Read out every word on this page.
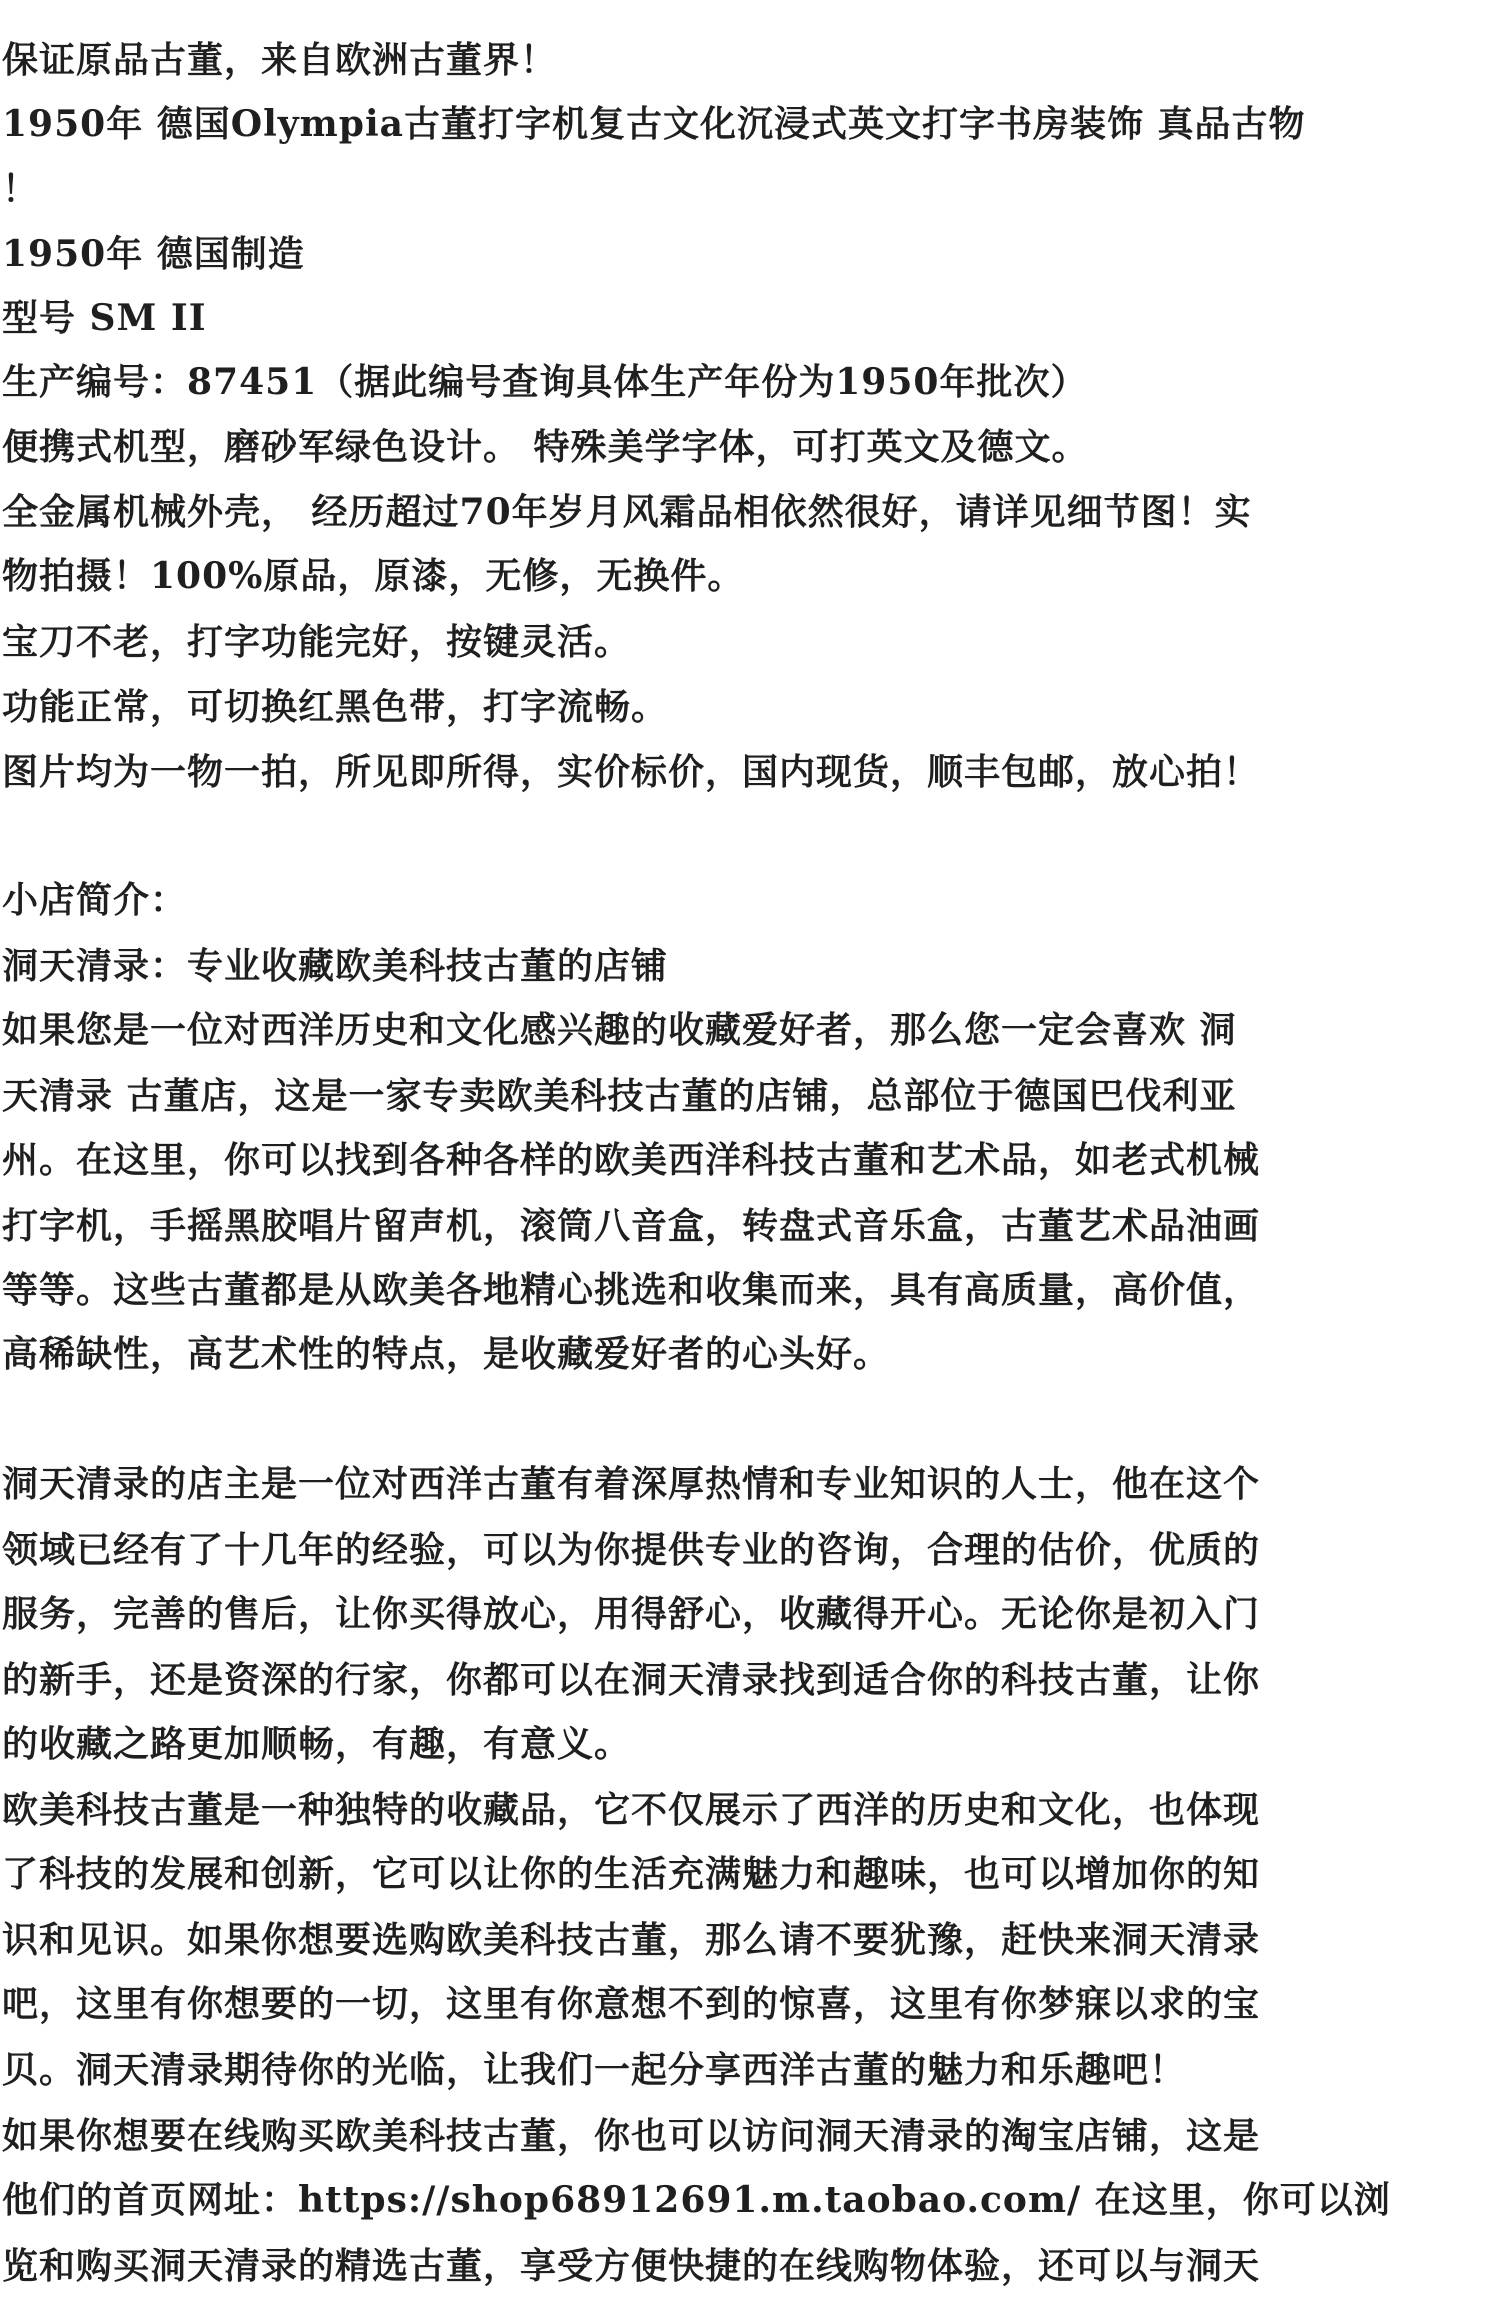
保证原品古董，来自欧洲古董界！
1950年 德国Olympia古董打字机复古文化沉浸式英文打字书房装饰 真品古物
！
1950年 德国制造
型号 SM II
生产编号：87451（据此编号查询具体生产年份为1950年批次）
便携式机型，磨砂军绿色设计。 特殊美学字体，可打英文及德文。
全金属机械外壳， 经历超过70年岁月风霜品相依然很好，请详见细节图！实
物拍摄！100%原品，原漆，无修，无换件。
宝刀不老，打字功能完好，按键灵活。
功能正常，可切换红黑色带，打字流畅。
图片均为一物一拍，所见即所得，实价标价，国内现货，顺丰包邮，放心拍！
小店简介：
洞天清录：专业收藏欧美科技古董的店铺
如果您是一位对西洋历史和文化感兴趣的收藏爱好者，那么您一定会喜欢 洞
天清录 古董店，这是一家专卖欧美科技古董的店铺，总部位于德国巴伐利亚
州。在这里，你可以找到各种各样的欧美西洋科技古董和艺术品，如老式机械
打字机，手摇黑胶唱片留声机，滚筒八音盒，转盘式音乐盒，古董艺术品油画
等等。这些古董都是从欧美各地精心挑选和收集而来，具有高质量，高价值，
高稀缺性，高艺术性的特点，是收藏爱好者的心头好。
洞天清录的店主是一位对西洋古董有着深厚热情和专业知识的人士，他在这个
领域已经有了十几年的经验，可以为你提供专业的咨询，合理的估价，优质的
服务，完善的售后，让你买得放心，用得舒心，收藏得开心。无论你是初入门
的新手，还是资深的行家，你都可以在洞天清录找到适合你的科技古董，让你
的收藏之路更加顺畅，有趣，有意义。
欧美科技古董是一种独特的收藏品，它不仅展示了西洋的历史和文化，也体现
了科技的发展和创新，它可以让你的生活充满魅力和趣味，也可以增加你的知
识和见识。如果你想要选购欧美科技古董，那么请不要犹豫，赶快来洞天清录
吧，这里有你想要的一切，这里有你意想不到的惊喜，这里有你梦寐以求的宝
贝。洞天清录期待你的光临，让我们一起分享西洋古董的魅力和乐趣吧！
如果你想要在线购买欧美科技古董，你也可以访问洞天清录的淘宝店铺，这是
他们的首页网址：https://shop68912691.m.taobao.com/ 在这里，你可以浏
览和购买洞天清录的精选古董，享受方便快捷的在线购物体验，还可以与洞天
